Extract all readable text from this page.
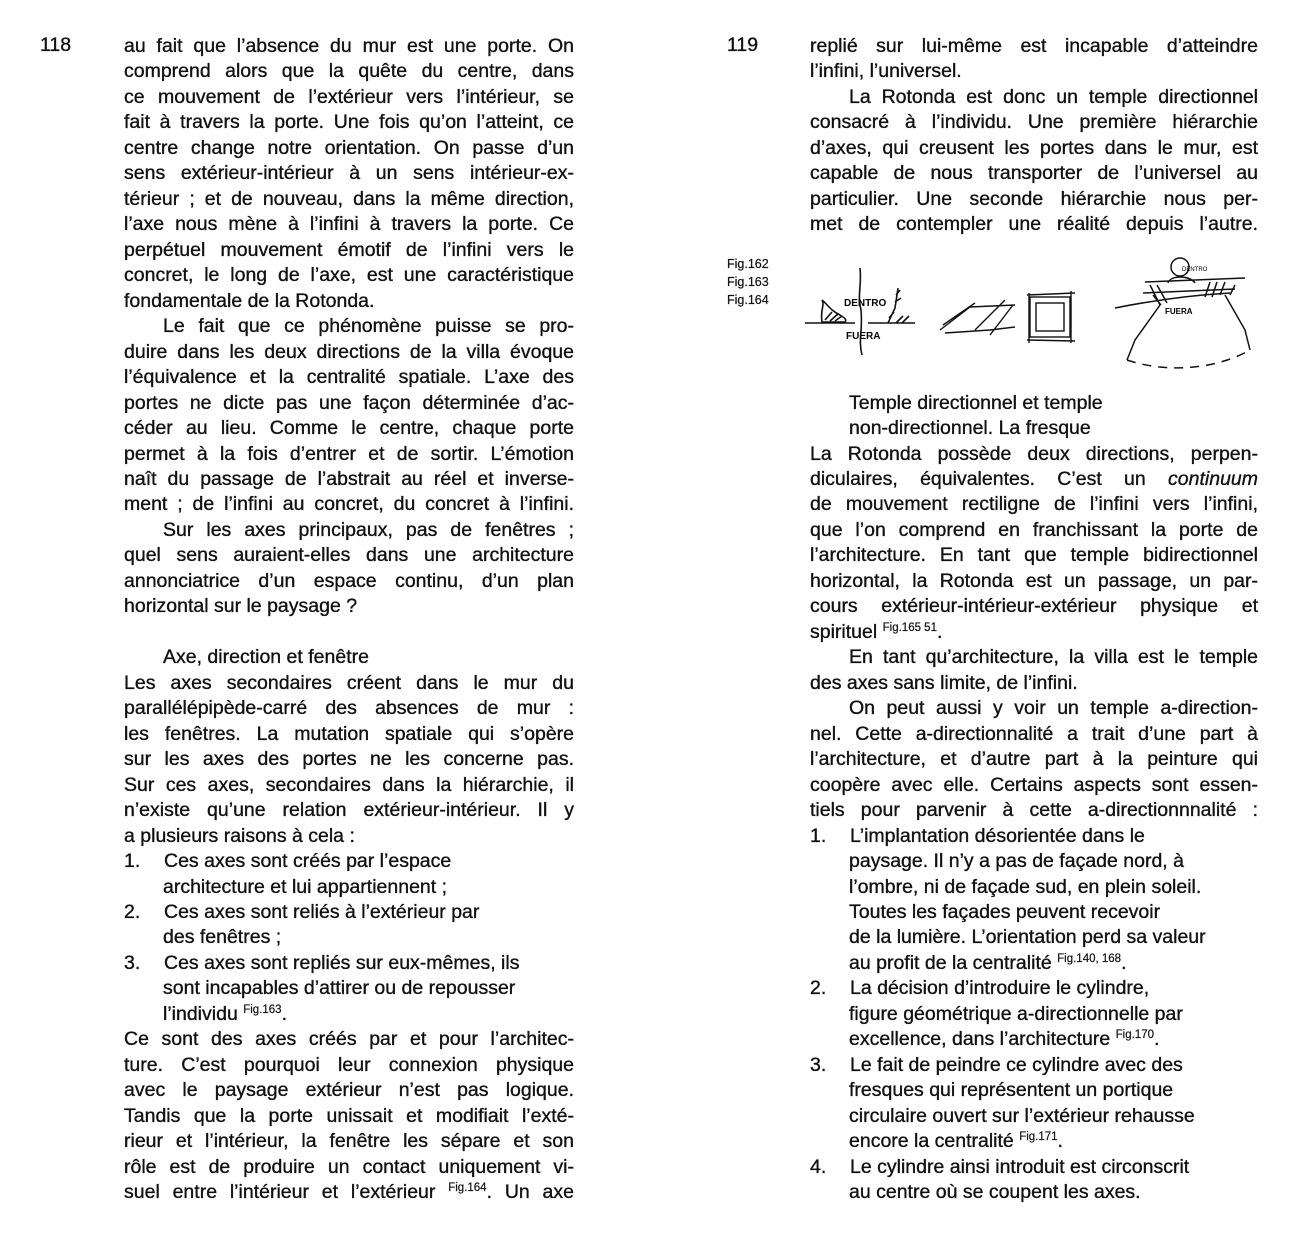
118	au fait que l’absence du mur est une porte. On
comprend alors que la quête du centre, dans
ce mouvement de l’extérieur vers l’intérieur, se
fait à travers la porte. Une fois qu’on l’atteint, ce
centre change notre orientation. On passe d’un
sens extérieur-intérieur à un sens intérieur-ex-
térieur ; et de nouveau, dans la même direction,
l’axe nous mène à l’infini à travers la porte. Ce
perpétuel mouvement émotif de l’infini vers le
concret, le long de l’axe, est une caractéristique
fondamentale de la Rotonda.
Le fait que ce phénomène puisse se pro-
duire dans les deux directions de la villa évoque
l’équivalence et la centralité spatiale. L’axe des
portes ne dicte pas une façon déterminée d’ac-
céder au lieu. Comme le centre, chaque porte
permet à la fois d’entrer et de sortir. L’émotion
naît du passage de l’abstrait au réel et inverse-
ment ; de l’infini au concret, du concret à l’infini.
Sur les axes principaux, pas de fenêtres ;
quel sens auraient-elles dans une architecture
annonciatrice d’un espace continu, d’un plan
horizontal sur le paysage ?
Axe, direction et fenêtre
Les axes secondaires créent dans le mur du
parallélépipède-carré des absences de mur :
les fenêtres. La mutation spatiale qui s’opère
sur les axes des portes ne les concerne pas.
Sur ces axes, secondaires dans la hiérarchie, il
n’existe qu’une relation extérieur-intérieur. Il y
a plusieurs raisons à cela :
1. Ces axes sont créés par l’espace
architecture et lui appartiennent ;
2. Ces axes sont reliés à l’extérieur par
des fenêtres ;
3. Ces axes sont repliés sur eux-mêmes, ils
sont incapables d’attirer ou de repousser
l’individu $^{Fig.163}$.
Ce sont des axes créés par et pour l’architec-
ture. C’est pourquoi leur connexion physique
avec le paysage extérieur n’est pas logique.
Tandis que la porte unissait et modifiait l’exté-
rieur et l’intérieur, la fenêtre les sépare et son
rôle est de produire un contact uniquement vi-
suel entre l’intérieur et l’extérieur $^{Fig.164}$. Un axe
119	replié sur lui-même est incapable d’atteindre
l’infini, l’universel.
La Rotonda est donc un temple directionnel
consacré à l’individu. Une première hiérarchie
d’axes, qui creusent les portes dans le mur, est
capable de nous transporter de l’universel au
particulier. Une seconde hiérarchie nous per-
met de contempler une réalité depuis l’autre.
Temple directionnel et temple
non-directionnel. La fresque
La Rotonda possède deux directions, perpen-
diculaires, équivalentes. C’est un continuum
de mouvement rectiligne de l’infini vers l’infini,
que l’on comprend en franchissant la porte de
l’architecture. En tant que temple bidirectionnel
horizontal, la Rotonda est un passage, un par-
cours extérieur-intérieur-extérieur physique et
spirituel $^{Fig.165 51}$.
En tant qu’architecture, la villa est le temple
des axes sans limite, de l’infini.
On peut aussi y voir un temple a-direction-
nel. Cette a-directionnalité a trait d’une part à
l’architecture, et d’autre part à la peinture qui
coopère avec elle. Certains aspects sont essen-
tiels pour parvenir à cette a-directionnnalité :
1. L’implantation désorientée dans le
paysage. Il n’y a pas de façade nord, à
l’ombre, ni de façade sud, en plein soleil.
Toutes les façades peuvent recevoir
de la lumière. L’orientation perd sa valeur
au profit de la centralité $^{Fig.140, 168}$.
2. La décision d’introduire le cylindre,
figure géométrique a-directionnelle par
excellence, dans l’architecture $^{Fig.170}$.
3. Le fait de peindre ce cylindre avec des
fresques qui représentent un portique
circulaire ouvert sur l’extérieur rehausse
encore la centralité $^{Fig.171}$.
4. Le cylindre ainsi introduit est circonscrit
au centre où se coupent les axes.
Fig.162
Fig.163
Fig.164	DENTRO
FUERA
DENTRO
FUERA
